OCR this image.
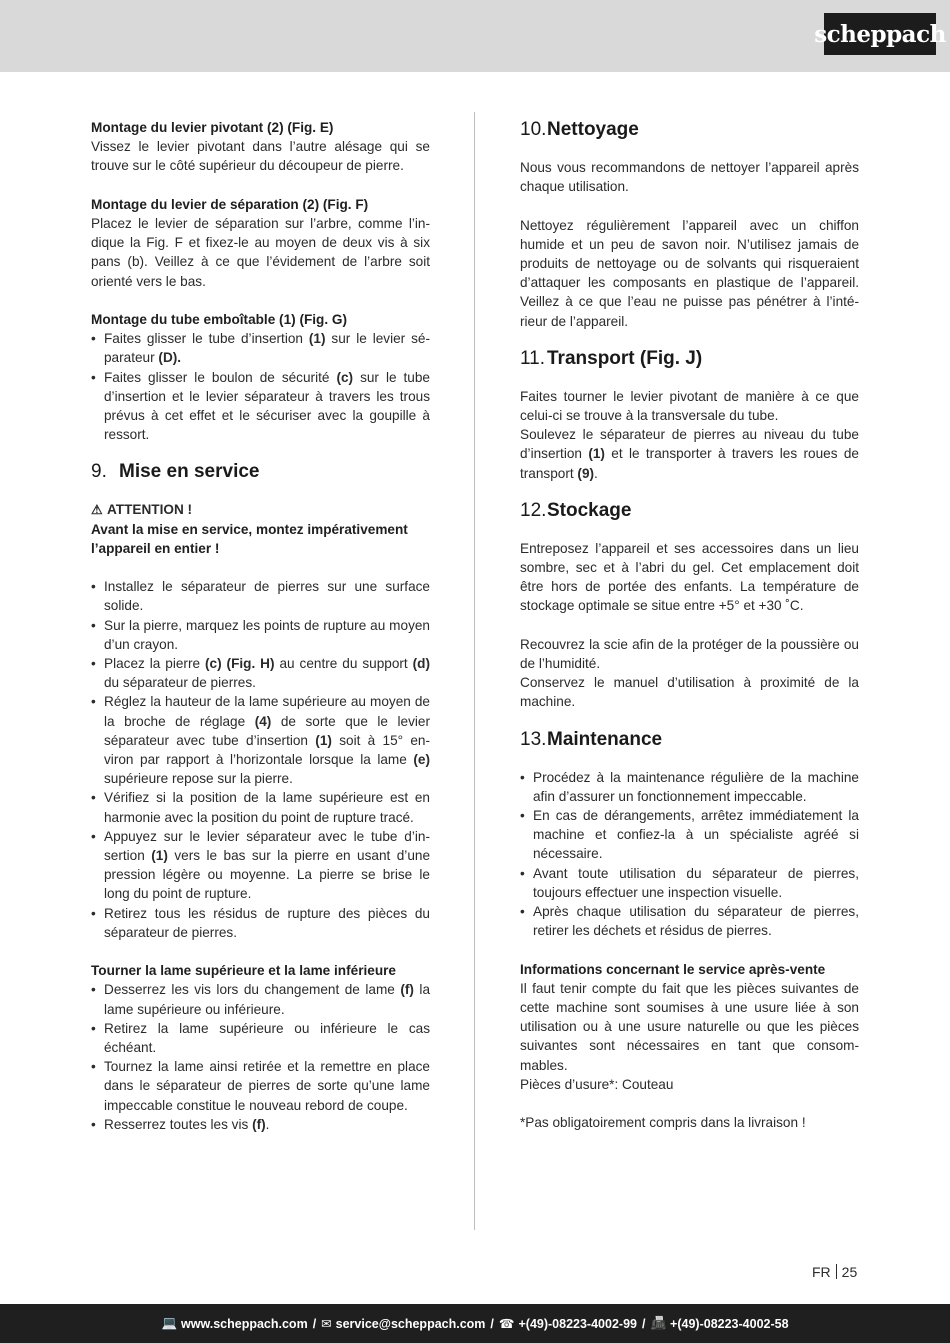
scheppach

Montage du levier pivotant (2) (Fig. E)

Vissez le levier pivotant dans l’autre alésage qui se trouve sur le côté supérieur du découpeur de pierre.

Montage du levier de séparation (2) (Fig. F)

Placez le levier de séparation sur l’arbre, comme l’in- dique la Fig. F et fixez-le au moyen de deux vis à six pans (b). Veillez à ce que l’évidement de l’arbre soit orienté vers le bas.

Montage du tube emboîtable (1) (Fig. G)

• Faites glisser le tube d’insertion (1) sur le levier sé- parateur (D).
• Faites glisser le boulon de sécurité (c) sur le tube d’insertion et le levier séparateur à travers les trous prévus à cet effet et le sécuriser avec la goupille à ressort.
9. Mise en service
⚠ ATTENTION !

Avant la mise en service, montez impérativement l’appareil en entier !

• Installez le séparateur de pierres sur une surface solide.
• Sur la pierre, marquez les points de rupture au moyen d’un crayon.
• Placez la pierre (c) (Fig. H) au centre du support (d) du séparateur de pierres.
• Réglez la hauteur de la lame supérieure au moyen de la broche de réglage (4) de sorte que le levier séparateur avec tube d’insertion (1) soit à 15° en- viron par rapport à l’horizontale lorsque la lame (e) supérieure repose sur la pierre.
• Vérifiez si la position de la lame supérieure est en harmonie avec la position du point de rupture tracé.
• Appuyez sur le levier séparateur avec le tube d’in- sertion (1) vers le bas sur la pierre en usant d’une pression légère ou moyenne. La pierre se brise le long du point de rupture.
• Retirez tous les résidus de rupture des pièces du séparateur de pierres.

Tourner la lame supérieure et la lame inférieure

• Desserrez les vis lors du changement de lame (f) la lame supérieure ou inférieure.
• Retirez la lame supérieure ou inférieure le cas échéant.
• Tournez la lame ainsi retirée et la remettre en place dans le séparateur de pierres de sorte qu’une lame impeccable constitue le nouveau rebord de coupe.
• Resserrez toutes les vis (f).
10. Nettoyage

Nous vous recommandons de nettoyer l’appareil après chaque utilisation.

Nettoyez régulièrement l’appareil avec un chiffon humide et un peu de savon noir. N’utilisez jamais de produits de nettoyage ou de solvants qui risqueraient d’attaquer les composants en plastique de l’appareil. Veillez à ce que l’eau ne puisse pas pénétrer à l’inté- rieur de l’appareil.

11. Transport (Fig. J)

Faites tourner le levier pivotant de manière à ce que celui-ci se trouve à la transversale du tube.

Soulevez le séparateur de pierres au niveau du tube d’insertion (1) et le transporter à travers les roues de transport (9).

12. Stockage

Entreposez l’appareil et ses accessoires dans un lieu sombre, sec et à l’abri du gel. Cet emplacement doit être hors de portée des enfants. La température de stockage optimale se situe entre +5° et +30 ˚C.

Recouvrez la scie afin de la protéger de la poussière ou de l’humidité.

Conservez le manuel d’utilisation à proximité de la machine.

13. Maintenance
• Procédez à la maintenance régulière de la machine afin d’assurer un fonctionnement impeccable.
• En cas de dérangements, arrêtez immédiatement la machine et confiez-la à un spécialiste agréé si nécessaire.
• Avant toute utilisation du séparateur de pierres, toujours effectuer une inspection visuelle.
• Après chaque utilisation du séparateur de pierres, retirer les déchets et résidus de pierres.

Informations concernant le service après-vente

Il faut tenir compte du fait que les pièces suivantes de cette machine sont soumises à une usure liée à son utilisation ou à une usure naturelle ou que les pièces suivantes sont nécessaires en tant que consom- mables.

Pièces d’usure*: Couteau

*Pas obligatoirement compris dans la livraison !

FR 25
💻 www.scheppach.com / ✉ service@scheppach.com / ☎ +(49)-08223-4002-99 / 📠 +(49)-08223-4002-58
